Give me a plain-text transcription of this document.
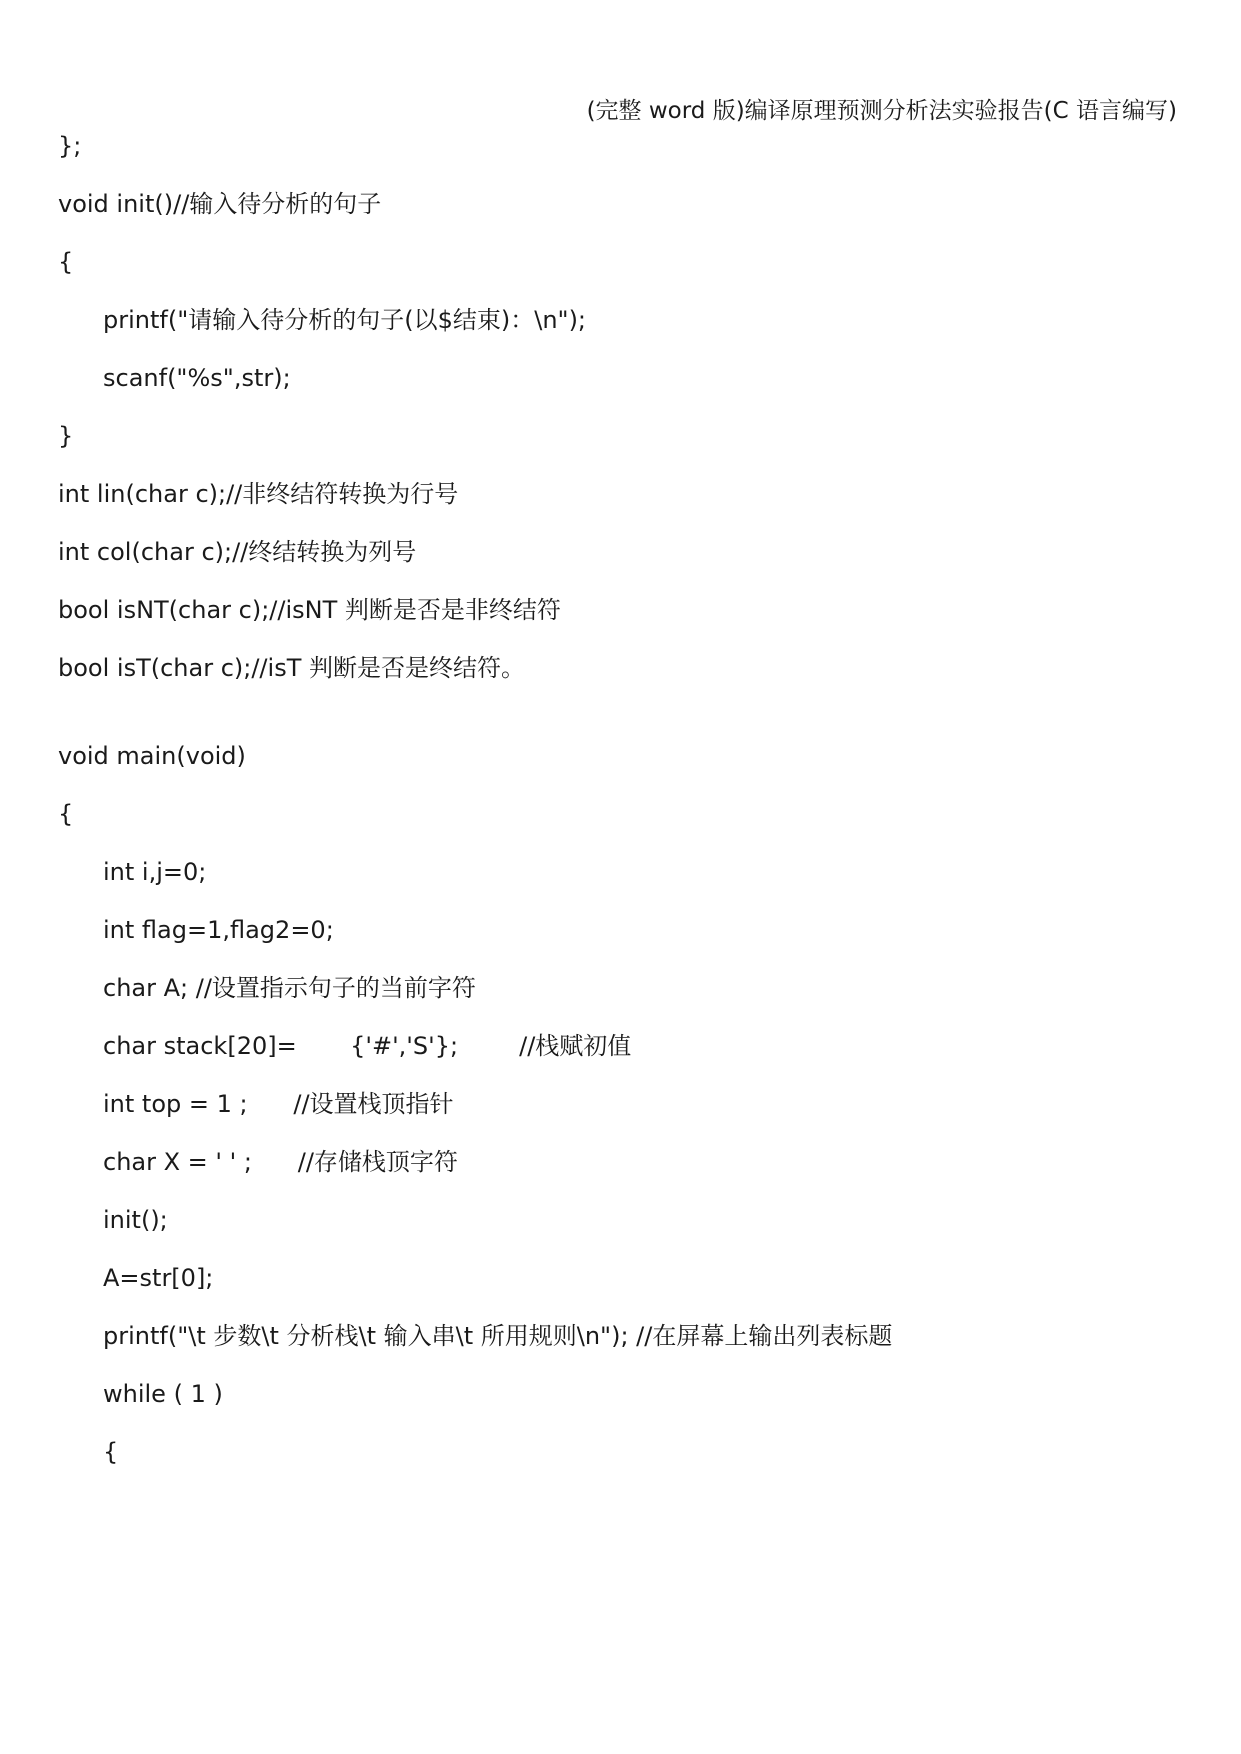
(完整 word 版)编译原理预测分析法实验报告(C 语言编写)
};
void init()//输入待分析的句子
{
printf("请输入待分析的句子(以$结束)：\n");
scanf("%s",str);
}
int lin(char c);//非终结符转换为行号
int col(char c);//终结转换为列号
bool isNT(char c);//isNT 判断是否是非终结符
bool isT(char c);//isT 判断是否是终结符。
void main(void)
{
int i,j=0;
int flag=1,flag2=0;
char A; //设置指示句子的当前字符
char stack[20]=       {'#','S'};        //栈赋初值
int top = 1 ;      //设置栈顶指针
char X = ' ' ;      //存储栈顶字符
init();
A=str[0];
printf("\t 步数\t 分析栈\t 输入串\t 所用规则\n"); //在屏幕上输出列表标题
while ( 1 )
{
